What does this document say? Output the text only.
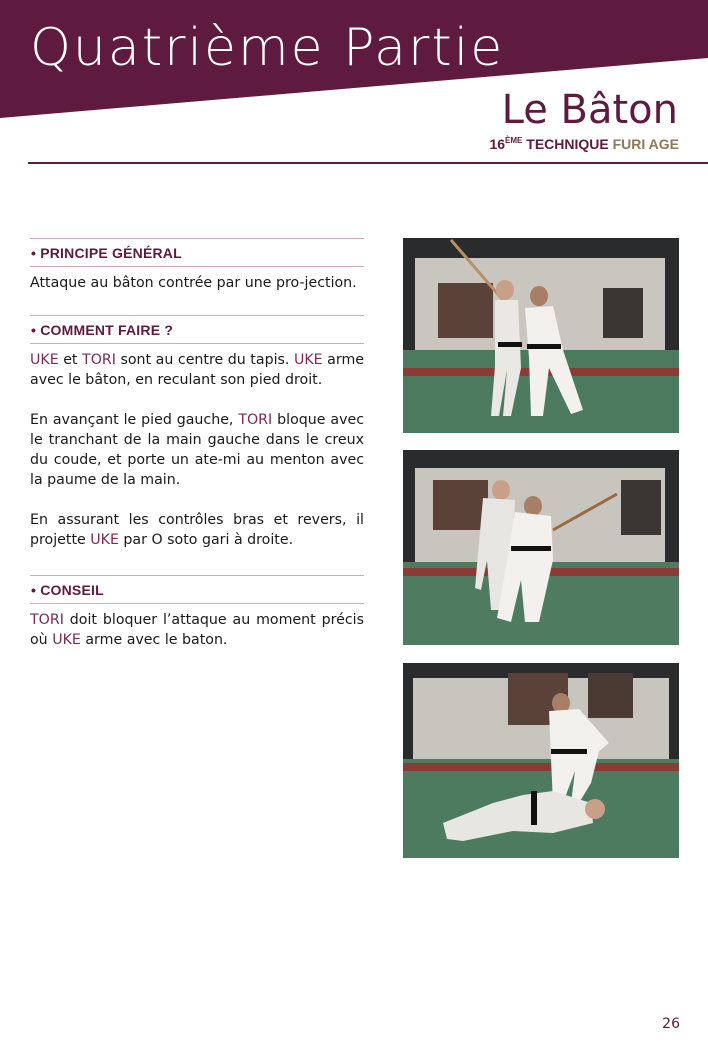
Quatrième Partie
Le Bâton
16ÈME TECHNIQUE FURI AGE
• PRINCIPE GÉNÉRAL

Attaque au bâton contrée par une pro-jection.

• COMMENT FAIRE ?

UKE et TORI sont au centre du tapis. UKE arme avec le bâton, en reculant son pied droit.

En avançant le pied gauche, TORI bloque avec le tranchant de la main gauche dans le creux du coude, et porte un ate-mi au menton avec la paume de la main.

En assurant les contrôles bras et revers, il projette UKE par O soto gari à droite.

• CONSEIL

TORI doit bloquer l’attaque au moment précis où UKE arme avec le baton.

26
